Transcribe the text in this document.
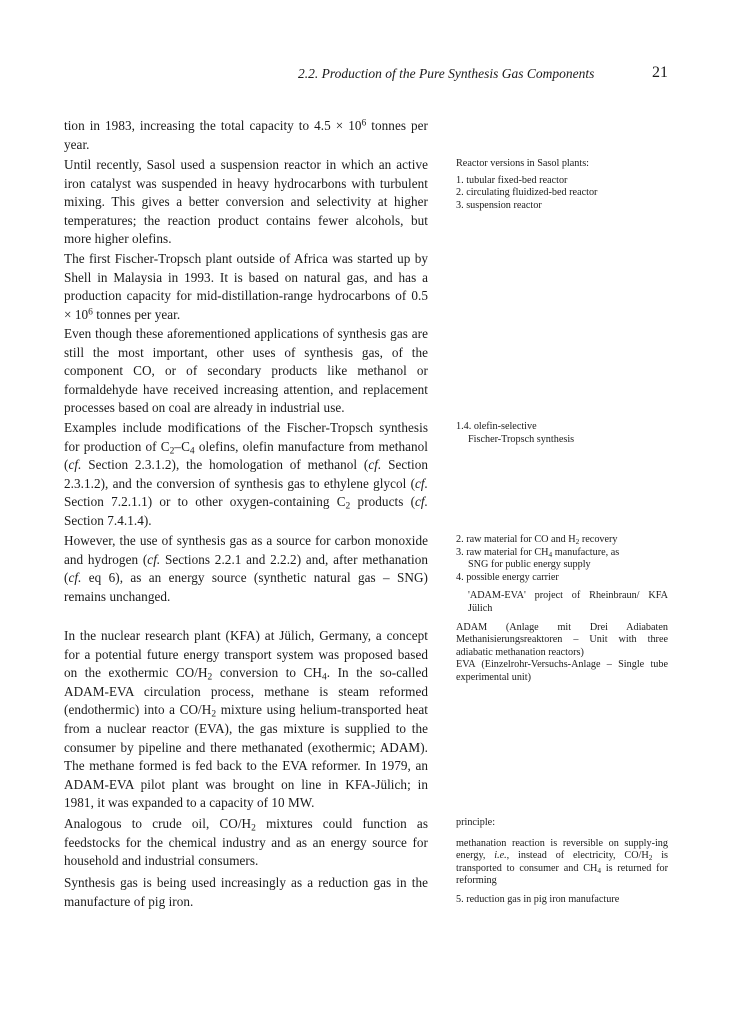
2.2. Production of the Pure Synthesis Gas Components	21

tion in 1983, increasing the total capacity to $4.5 \times 10^6$ tonnes per year.

Until recently, Sasol used a suspension reactor in which an active iron catalyst was suspended in heavy hydrocarbons with turbulent mixing. This gives a better conversion and selectivity at higher temperatures; the reaction product contains fewer alcohols, but more higher olefins.

The first Fischer-Tropsch plant outside of Africa was started up by Shell in Malaysia in 1993. It is based on natural gas, and has a production capacity for mid-distillation-range hydrocarbons of $0.5 \times 10^6$ tonnes per year.

Even though these aforementioned applications of synthesis gas are still the most important, other uses of synthesis gas, of the component CO, or of secondary products like methanol or formaldehyde have received increasing attention, and replacement processes based on coal are already in industrial use.

Examples include modifications of the Fischer-Tropsch synthesis for production of $C_2-C_4$ olefins, olefin manufacture from methanol (cf. Section 2.3.1.2), the homologation of methanol (cf. Section 2.3.1.2), and the conversion of synthesis gas to ethylene glycol (cf. Section 7.2.1.1) or to other oxygen-containing $C_2$ products (cf. Section 7.4.1.4).

However, the use of synthesis gas as a source for carbon monoxide and hydrogen (cf. Sections 2.2.1 and 2.2.2) and, after methanation (cf. eq 6), as an energy source (synthetic natural gas – SNG) remains unchanged.

In the nuclear research plant (KFA) at Jülich, Germany, a concept for a potential future energy transport system was proposed based on the exothermic $CO/H_2$ conversion to $CH_4$. In the so-called ADAM-EVA circulation process, methane is steam reformed (endothermic) into a $CO/H_2$ mixture using helium-transported heat from a nuclear reactor (EVA), the gas mixture is supplied to the consumer by pipeline and there methanated (exothermic; ADAM). The methane formed is fed back to the EVA reformer. In 1979, an ADAM-EVA pilot plant was brought on line in KFA-Jülich; in 1981, it was expanded to a capacity of 10 MW.

Analogous to crude oil, $CO/H_2$ mixtures could function as feedstocks for the chemical industry and as an energy source for household and industrial consumers.

Synthesis gas is being used increasingly as a reduction gas in the manufacture of pig iron.

Reactor versions in Sasol plants:

1. tubular fixed-bed reactor
2. circulating fluidized-bed reactor
3. suspension reactor
1.4. olefin-selective
Fischer-Tropsch synthesis
2. raw material for CO and $H_2$ recovery
3. raw material for $CH_4$ manufacture, as
SNG for public energy supply
4. possible energy carrier

'ADAM-EVA' project of Rheinbraun/ KFA Jülich

ADAM (Anlage mit Drei Adiabaten Methanisierungsreaktoren – Unit with three adiabatic methanation reactors)

EVA (Einzelrohr-Versuchs-Anlage – Single tube experimental unit)

principle:

methanation reaction is reversible on supply-ing energy, i.e., instead of electricity, $CO/H_2$ is transported to consumer and $CH_4$ is returned for reforming

5. reduction gas in pig iron manufacture
